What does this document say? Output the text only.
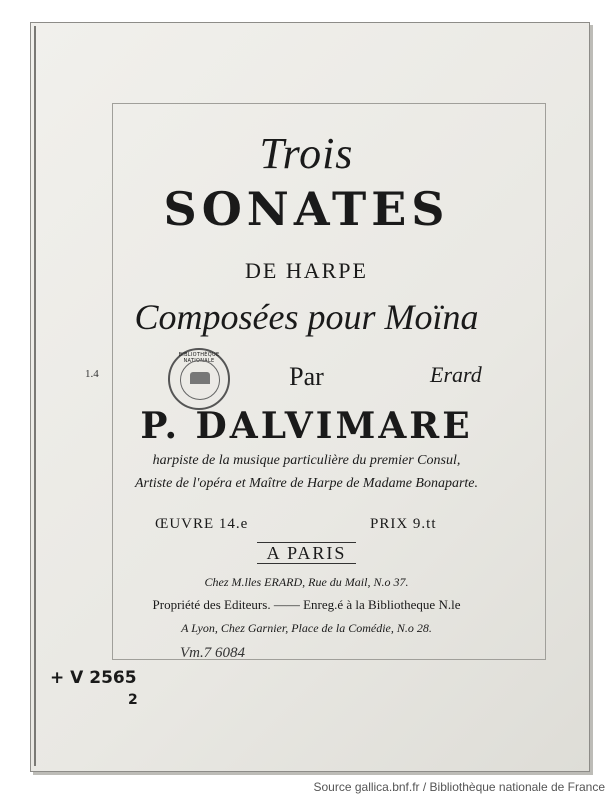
Trois
SONATES
DE HARPE
Composées pour Moïna
Par
P. DALVIMARE
BIBLIOTHÈQUE NATIONALE
1.4	Erard
harpiste de la musique particulière du premier Consul,
Artiste de l'opéra et Maître de Harpe de Madame Bonaparte.
ŒUVRE 14.e	PRIX 9.tt
A PARIS
Chez M.lles ERARD, Rue du Mail, N.o 37.
Propriété des Editeurs. —— Enreg.é à la Bibliotheque N.le
A Lyon, Chez Garnier, Place de la Comédie, N.o 28.
Vm.7 6084
+ V 2565
2
Source gallica.bnf.fr / Bibliothèque nationale de France
